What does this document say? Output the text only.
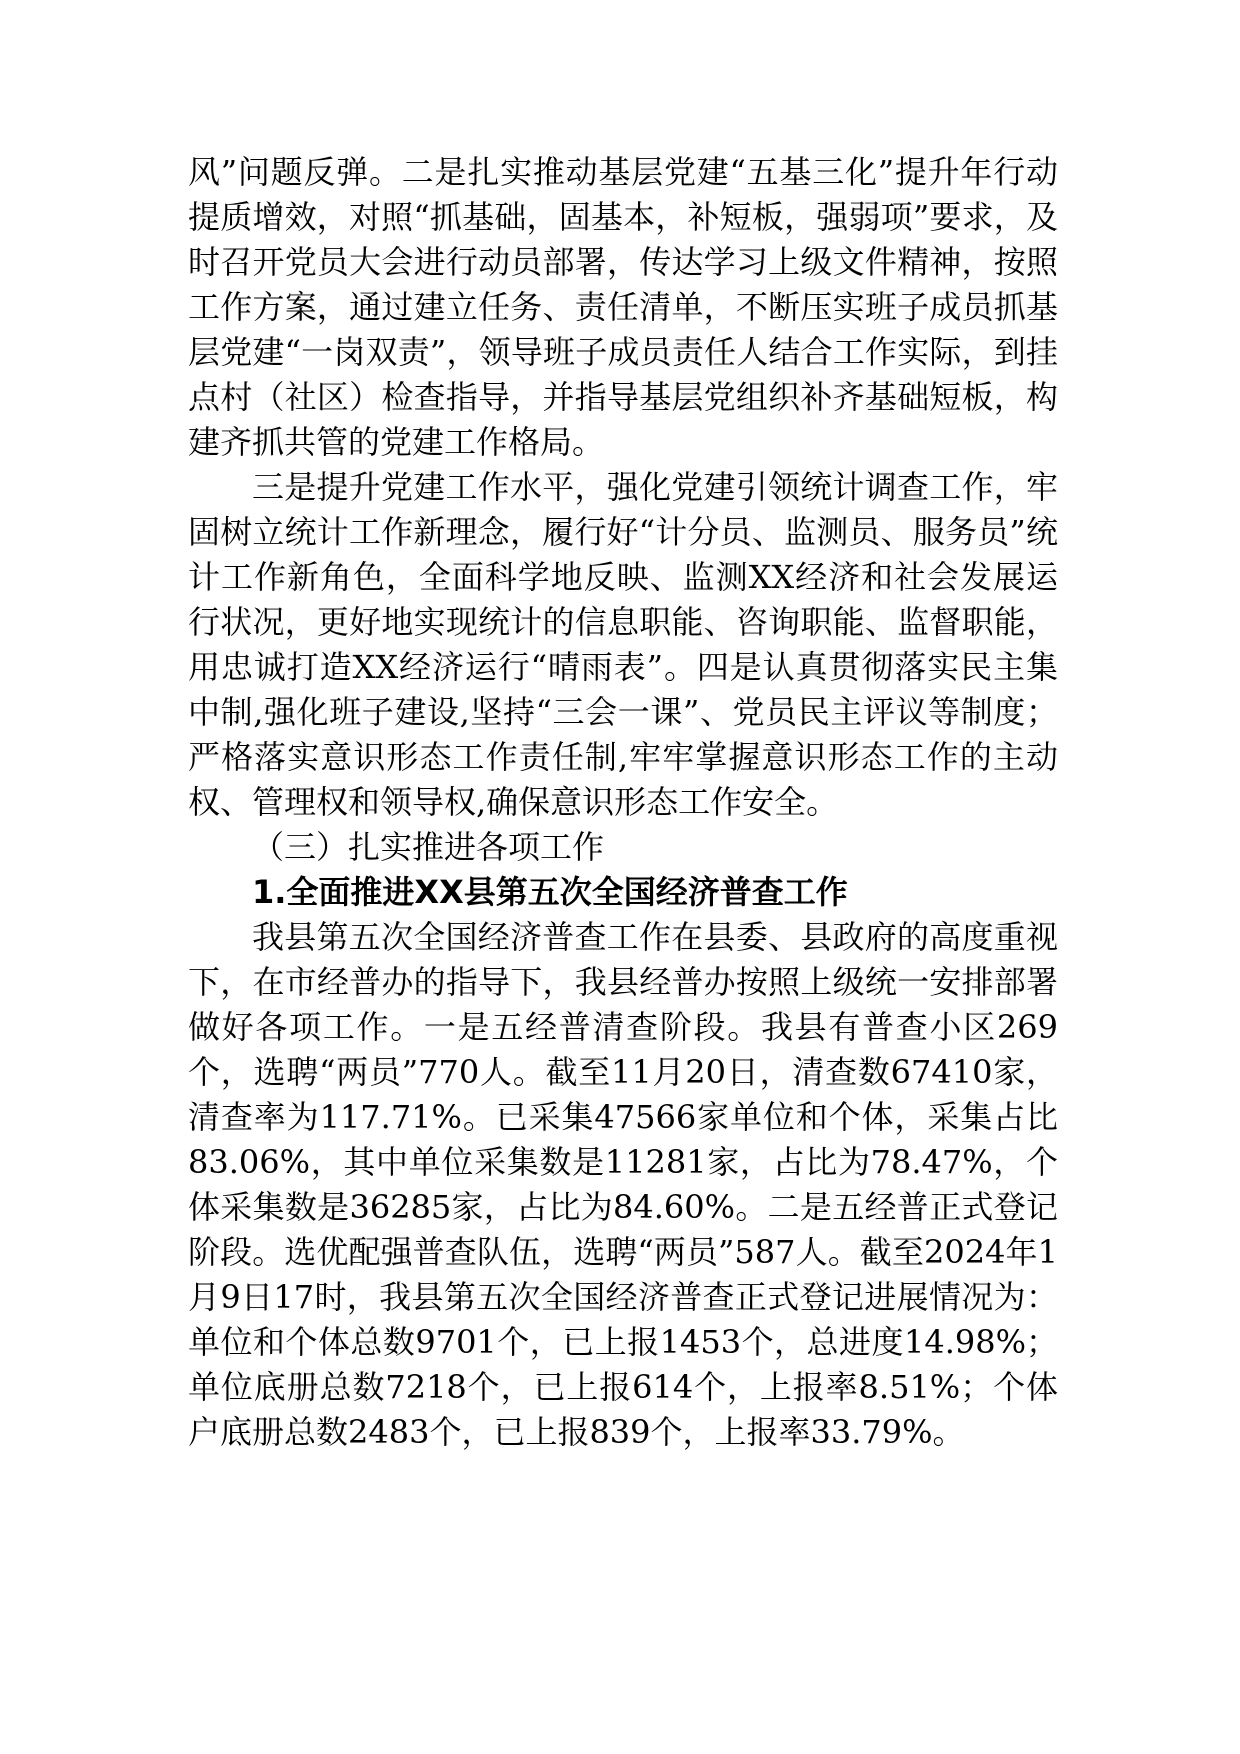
风”问题反弹。二是扎实推动基层党建“五基三化”提升年行动提质增效，对照“抓基础，固基本，补短板，强弱项”要求，及时召开党员大会进行动员部署，传达学习上级文件精神，按照工作方案，通过建立任务、责任清单，不断压实班子成员抓基层党建“一岗双责”，领导班子成员责任人结合工作实际，到挂点村（社区）检查指导，并指导基层党组织补齐基础短板，构建齐抓共管的党建工作格局。

三是提升党建工作水平，强化党建引领统计调查工作，牢固树立统计工作新理念，履行好“计分员、监测员、服务员”统计工作新角色，全面科学地反映、监测XX经济和社会发展运行状况，更好地实现统计的信息职能、咨询职能、监督职能，用忠诚打造XX经济运行“晴雨表”。四是认真贯彻落实民主集中制,强化班子建设,坚持“三会一课”、党员民主评议等制度；严格落实意识形态工作责任制,牢牢掌握意识形态工作的主动权、管理权和领导权,确保意识形态工作安全。

（三）扎实推进各项工作

1.全面推进XX县第五次全国经济普查工作

我县第五次全国经济普查工作在县委、县政府的高度重视下，在市经普办的指导下，我县经普办按照上级统一安排部署做好各项工作。一是五经普清查阶段。我县有普查小区269个，选聘“两员”770人。截至11月20日，清查数67410家，清查率为117.71%。已采集47566家单位和个体，采集占比83.06%，其中单位采集数是11281家，占比为78.47%，个体采集数是36285家，占比为84.60%。二是五经普正式登记阶段。选优配强普查队伍，选聘“两员”587人。截至2024年1月9日17时，我县第五次全国经济普查正式登记进展情况为：单位和个体总数9701个，已上报1453个，总进度14.98%；单位底册总数7218个，已上报614个，上报率8.51%；个体户底册总数2483个，已上报839个，上报率33.79%。
